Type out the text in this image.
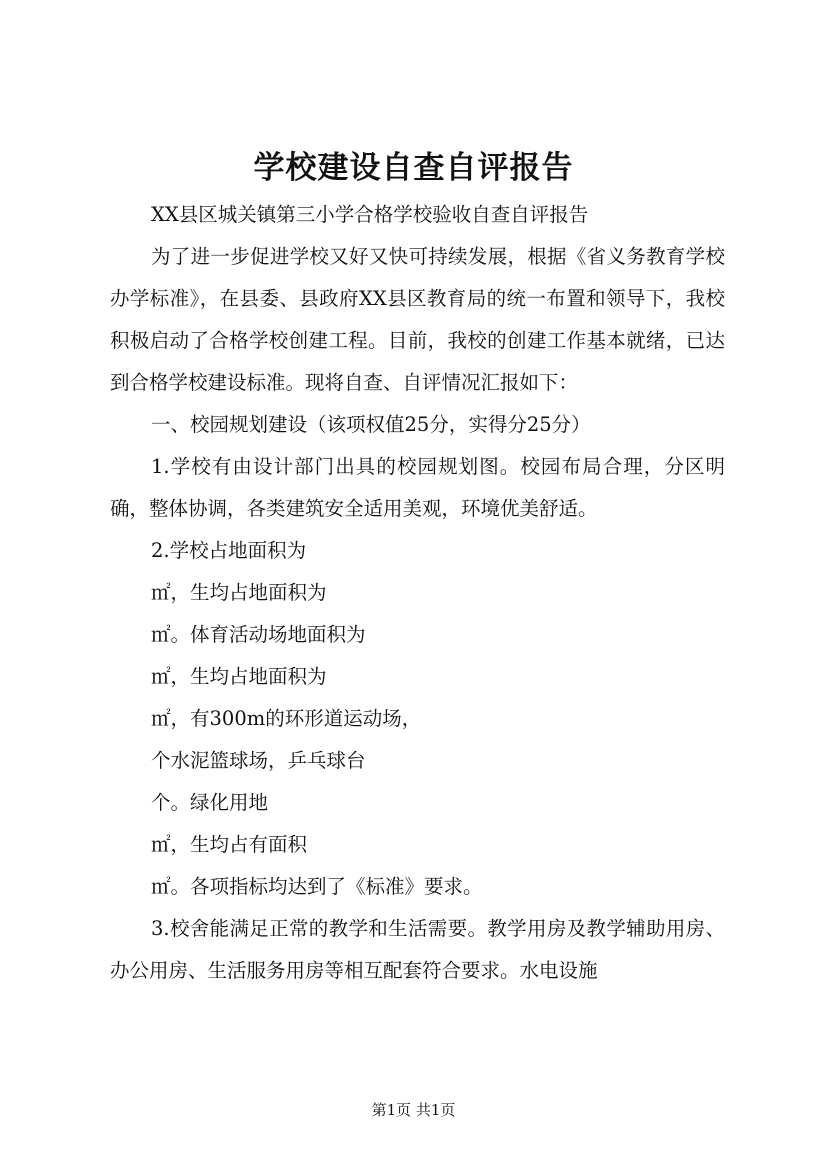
学校建设自查自评报告

XX县区城关镇第三小学合格学校验收自查自评报告

为了进一步促进学校又好又快可持续发展，根据《省义务教育学校办学标准》，在县委、县政府XX县区教育局的统一布置和领导下，我校积极启动了合格学校创建工程。目前，我校的创建工作基本就绪，已达到合格学校建设标准。现将自查、自评情况汇报如下：

一、校园规划建设（该项权值25分，实得分25分）

1.学校有由设计部门出具的校园规划图。校园布局合理，分区明确，整体协调，各类建筑安全适用美观，环境优美舒适。

2.学校占地面积为

㎡，生均占地面积为

㎡。体育活动场地面积为

㎡，生均占地面积为

㎡，有300m的环形道运动场，

个水泥篮球场，乒乓球台

个。绿化用地

㎡，生均占有面积

㎡。各项指标均达到了《标准》要求。

3.校舍能满足正常的教学和生活需要。教学用房及教学辅助用房、办公用房、生活服务用房等相互配套符合要求。水电设施

第1页 共1页
